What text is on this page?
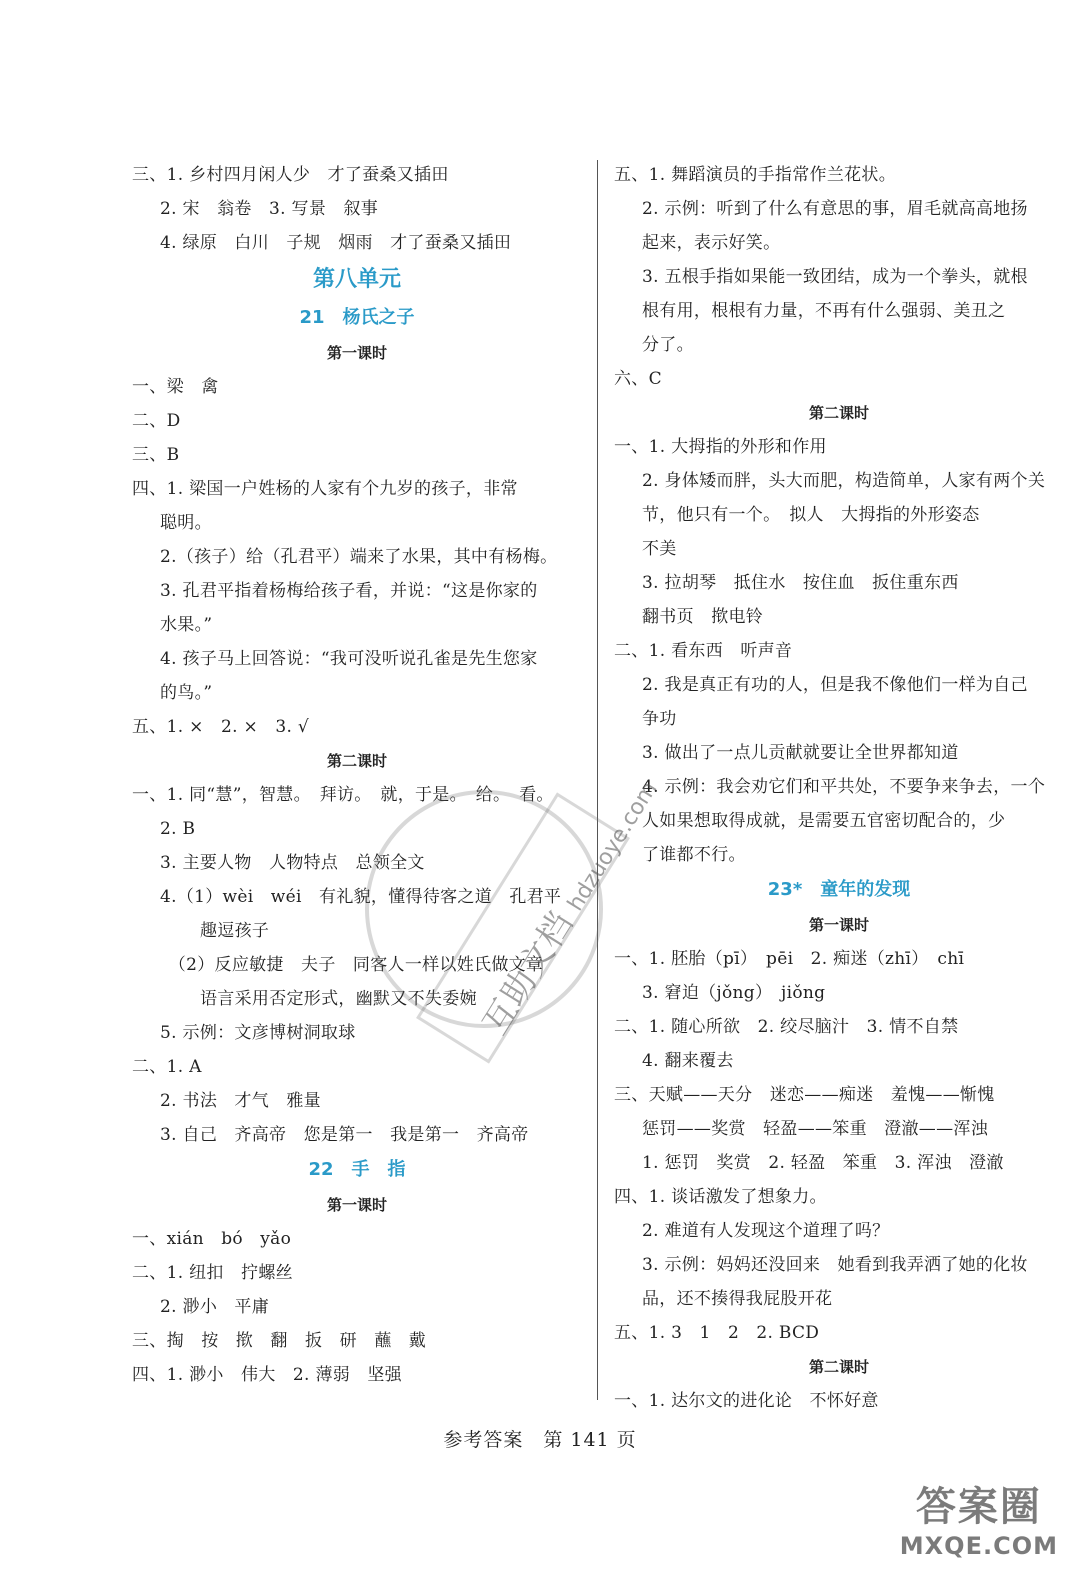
三、1. 乡村四月闲人少　才了蚕桑又插田
2. 宋　翁卷　3. 写景　叙事
4. 绿原　白川　子规　烟雨　才了蚕桑又插田
第八单元
21　杨氏之子
第一课时
一、梁　禽
二、D
三、B
四、1. 梁国一户姓杨的人家有个九岁的孩子，非常
聪明。
2.（孩子）给（孔君平）端来了水果，其中有杨梅。
3. 孔君平指着杨梅给孩子看，并说：“这是你家的
水果。”
4. 孩子马上回答说：“我可没听说孔雀是先生您家
的鸟。”
五、1. ×　2. ×　3. √
第二课时
一、1. 同“慧”，智慧。　拜访。　就，于是。　给。　看。
2. B
3. 主要人物　人物特点　总领全文
4.（1）wèi　wéi　有礼貌，懂得待客之道　孔君平
趣逗孩子
　（2）反应敏捷　夫子　同客人一样以姓氏做文章
语言采用否定形式，幽默又不失委婉
5. 示例：文彦博树洞取球
二、1. A
2. 书法　才气　雅量
3. 自己　齐高帝　您是第一　我是第一　齐高帝
22　手　指
第一课时
一、xián　bó　yǎo
二、1. 纽扣　拧螺丝
2. 渺小　平庸
三、掏　按　揿　翻　扳　研　蘸　戴
四、1. 渺小　伟大　2. 薄弱　坚强
五、1. 舞蹈演员的手指常作兰花状。
2. 示例：听到了什么有意思的事，眉毛就高高地扬
起来，表示好笑。
3. 五根手指如果能一致团结，成为一个拳头，就根
根有用，根根有力量，不再有什么强弱、美丑之
分了。
六、C
第二课时
一、1. 大拇指的外形和作用
2. 身体矮而胖，头大而肥，构造简单，人家有两个关
节，他只有一个。　拟人　大拇指的外形姿态
不美
3. 拉胡琴　抵住水　按住血　扳住重东西
翻书页　揿电铃
二、1. 看东西　听声音
2. 我是真正有功的人，但是我不像他们一样为自己
争功
3. 做出了一点儿贡献就要让全世界都知道
4. 示例：我会劝它们和平共处，不要争来争去，一个
人如果想取得成就，是需要五官密切配合的，少
了谁都不行。
23*　童年的发现
第一课时
一、1. 胚胎（pī）　pēi　2. 痴迷（zhī）　chī
3. 窘迫（jǒng）　jiǒng
二、1. 随心所欲　2. 绞尽脑汁　3. 情不自禁
4. 翻来覆去
三、天赋——天分　迷恋——痴迷　羞愧——惭愧
惩罚——奖赏　轻盈——笨重　澄澈——浑浊
1. 惩罚　奖赏　2. 轻盈　笨重　3. 浑浊　澄澈
四、1. 谈话激发了想象力。
2. 难道有人发现这个道理了吗？
3. 示例：妈妈还没回来　她看到我弄洒了她的化妆
品，还不揍得我屁股开花
五、1. 3　1　2　2. BCD
第二课时
一、1. 达尔文的进化论　不怀好意
参考答案　第 141 页
互助文档 hdzuoye.com
答案圈
MXQE.COM
